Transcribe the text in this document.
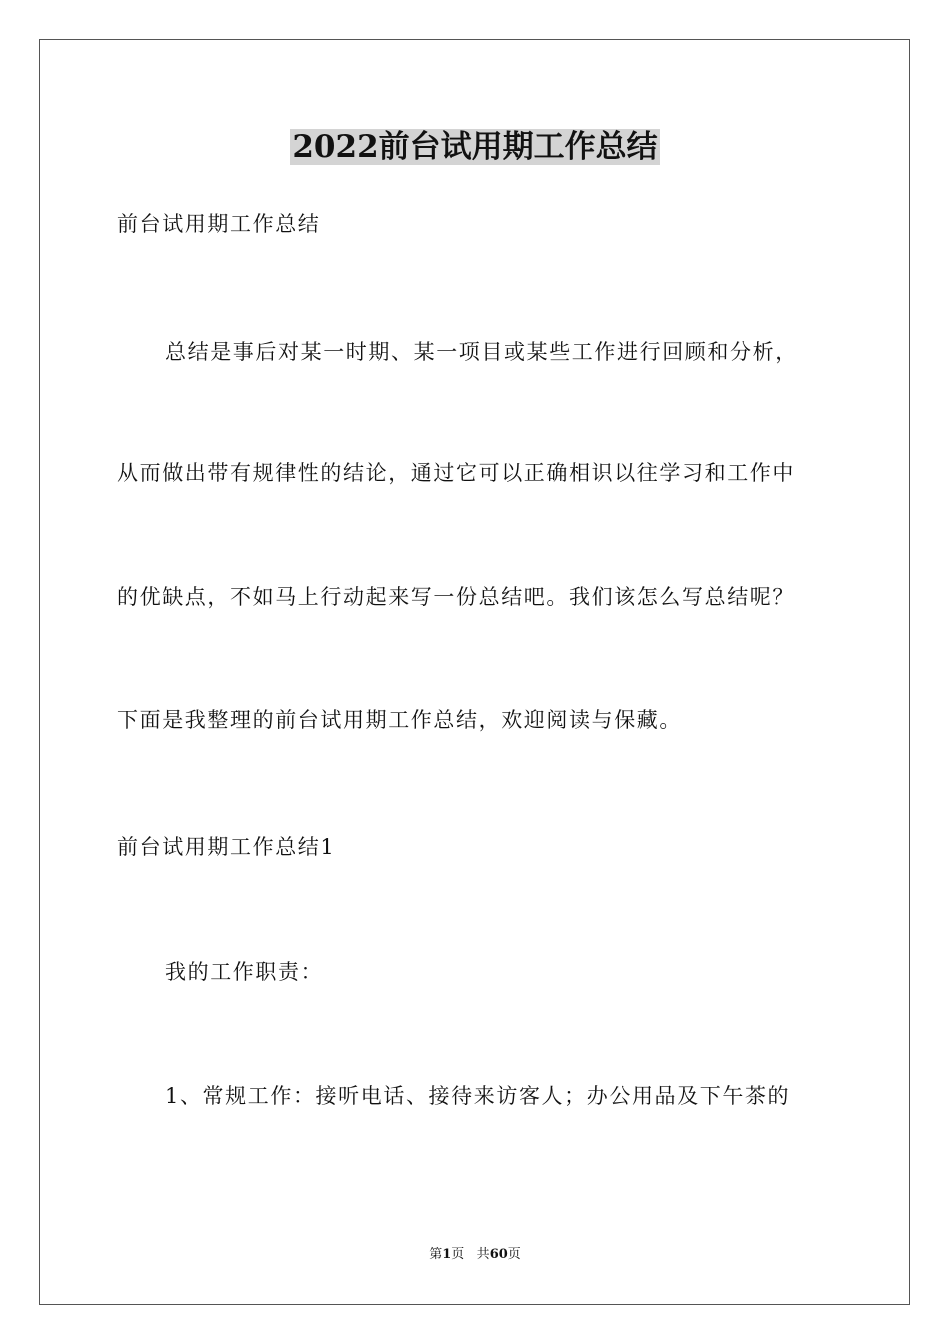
2022前台试用期工作总结
前台试用期工作总结
总结是事后对某一时期、某一项目或某些工作进行回顾和分析，
从而做出带有规律性的结论，通过它可以正确相识以往学习和工作中
的优缺点，不如马上行动起来写一份总结吧。我们该怎么写总结呢？
下面是我整理的前台试用期工作总结，欢迎阅读与保藏。
前台试用期工作总结1
我的工作职责：
1、常规工作：接听电话、接待来访客人；办公用品及下午茶的
第1页 共60页
